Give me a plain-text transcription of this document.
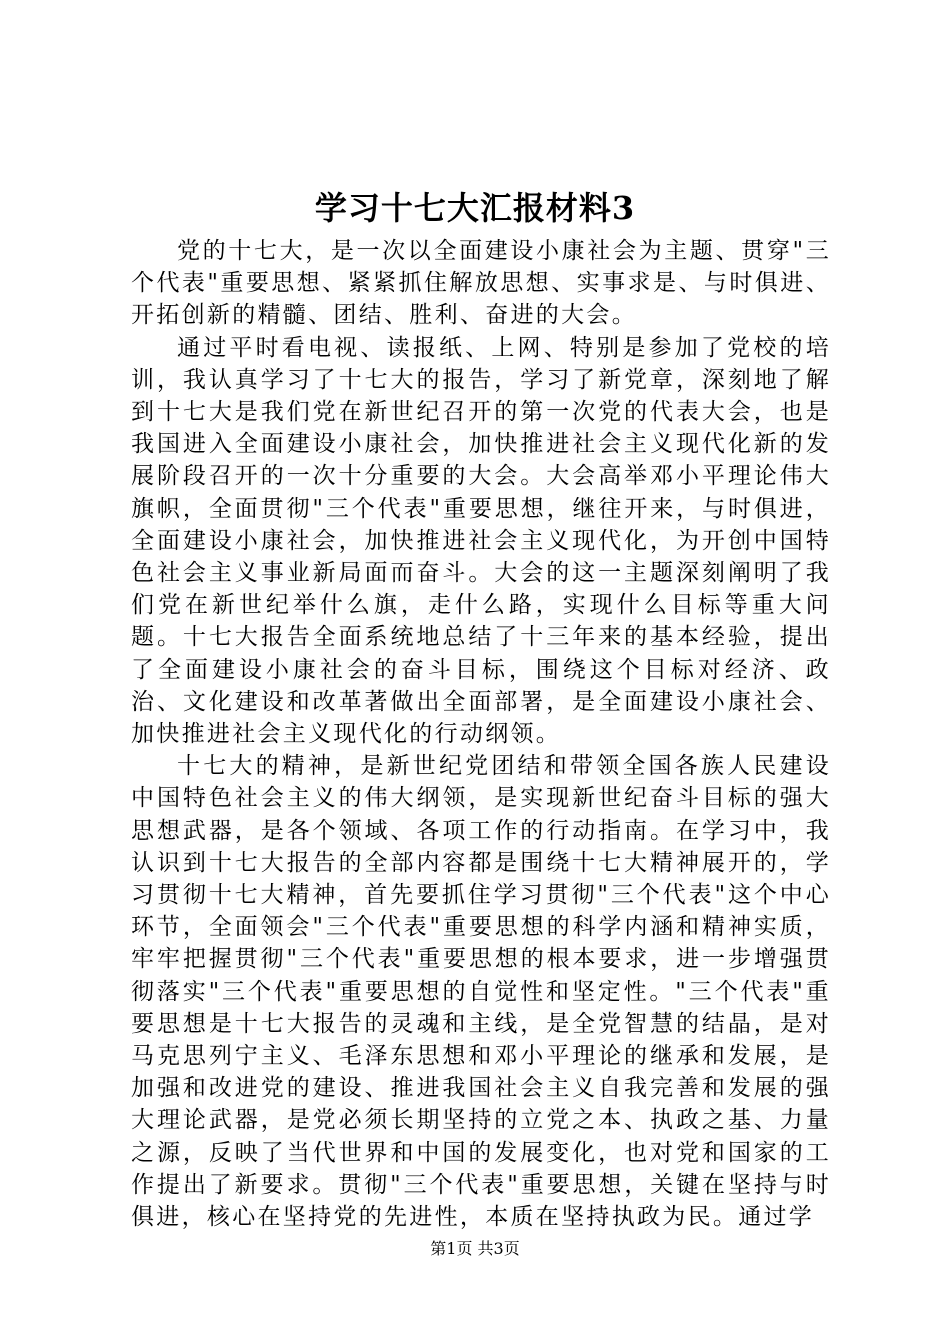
学习十七大汇报材料3

党的十七大，是一次以全面建设小康社会为主题、贯穿"三个代表"重要思想、紧紧抓住解放思想、实事求是、与时俱进、开拓创新的精髓、团结、胜利、奋进的大会。

通过平时看电视、读报纸、上网、特别是参加了党校的培训，我认真学习了十七大的报告，学习了新党章，深刻地了解到十七大是我们党在新世纪召开的第一次党的代表大会，也是我国进入全面建设小康社会，加快推进社会主义现代化新的发展阶段召开的一次十分重要的大会。大会高举邓小平理论伟大旗帜，全面贯彻"三个代表"重要思想，继往开来，与时俱进，全面建设小康社会，加快推进社会主义现代化，为开创中国特色社会主义事业新局面而奋斗。大会的这一主题深刻阐明了我们党在新世纪举什么旗，走什么路，实现什么目标等重大问题。十七大报告全面系统地总结了十三年来的基本经验，提出了全面建设小康社会的奋斗目标，围绕这个目标对经济、政治、文化建设和改革著做出全面部署，是全面建设小康社会、加快推进社会主义现代化的行动纲领。

十七大的精神，是新世纪党团结和带领全国各族人民建设中国特色社会主义的伟大纲领，是实现新世纪奋斗目标的强大思想武器，是各个领域、各项工作的行动指南。在学习中，我认识到十七大报告的全部内容都是围绕十七大精神展开的，学习贯彻十七大精神，首先要抓住学习贯彻"三个代表"这个中心环节，全面领会"三个代表"重要思想的科学内涵和精神实质，牢牢把握贯彻"三个代表"重要思想的根本要求，进一步增强贯彻落实"三个代表"重要思想的自觉性和坚定性。"三个代表"重要思想是十七大报告的灵魂和主线，是全党智慧的结晶，是对马克思列宁主义、毛泽东思想和邓小平理论的继承和发展，是加强和改进党的建设、推进我国社会主义自我完善和发展的强大理论武器，是党必须长期坚持的立党之本、执政之基、力量之源，反映了当代世界和中国的发展变化，也对党和国家的工作提出了新要求。贯彻"三个代表"重要思想，关键在坚持与时俱进，核心在坚持党的先进性，本质在坚持执政为民。通过学

第1页 共3页
